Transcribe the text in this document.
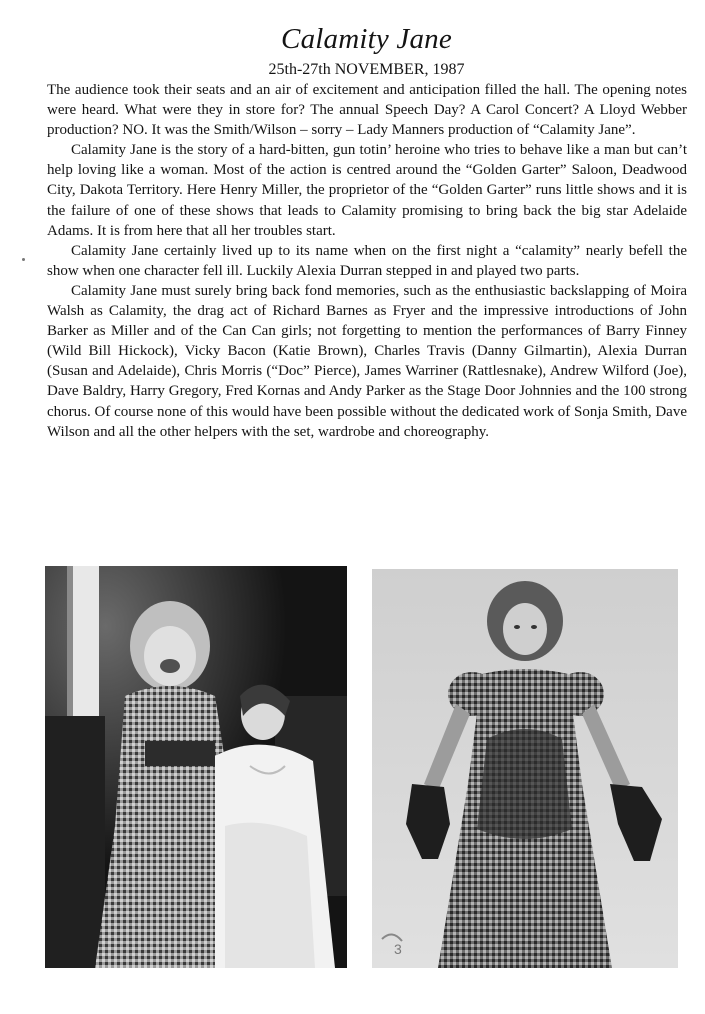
Calamity Jane
25th-27th NOVEMBER, 1987

The audience took their seats and an air of excitement and anticipation filled the hall. The opening notes were heard. What were they in store for? The annual Speech Day? A Carol Concert? A Lloyd Webber production? NO. It was the Smith/Wilson – sorry – Lady Manners production of “Calamity Jane”.

Calamity Jane is the story of a hard-bitten, gun totin’ heroine who tries to behave like a man but can’t help loving like a woman. Most of the action is centred around the “Golden Garter” Saloon, Deadwood City, Dakota Territory. Here Henry Miller, the proprietor of the “Golden Garter” runs little shows and it is the failure of one of these shows that leads to Calamity promising to bring back the big star Adelaide Adams. It is from here that all her troubles start.

Calamity Jane certainly lived up to its name when on the first night a “calamity” nearly befell the show when one character fell ill. Luckily Alexia Durran stepped in and played two parts.

Calamity Jane must surely bring back fond memories, such as the enthusiastic backslapping of Moira Walsh as Calamity, the drag act of Richard Barnes as Fryer and the impressive introductions of John Barker as Miller and of the Can Can girls; not forgetting to mention the performances of Barry Finney (Wild Bill Hickock), Vicky Bacon (Katie Brown), Charles Travis (Danny Gilmartin), Alexia Durran (Susan and Adelaide), Chris Morris (“Doc” Pierce), James Warriner (Rattlesnake), Andrew Wilford (Joe), Dave Baldry, Harry Gregory, Fred Kornas and Andy Parker as the Stage Door Johnnies and the 100 strong chorus. Of course none of this would have been possible without the dedicated work of Sonja Smith, Dave Wilson and all the other helpers with the set, wardrobe and choreography.

3
